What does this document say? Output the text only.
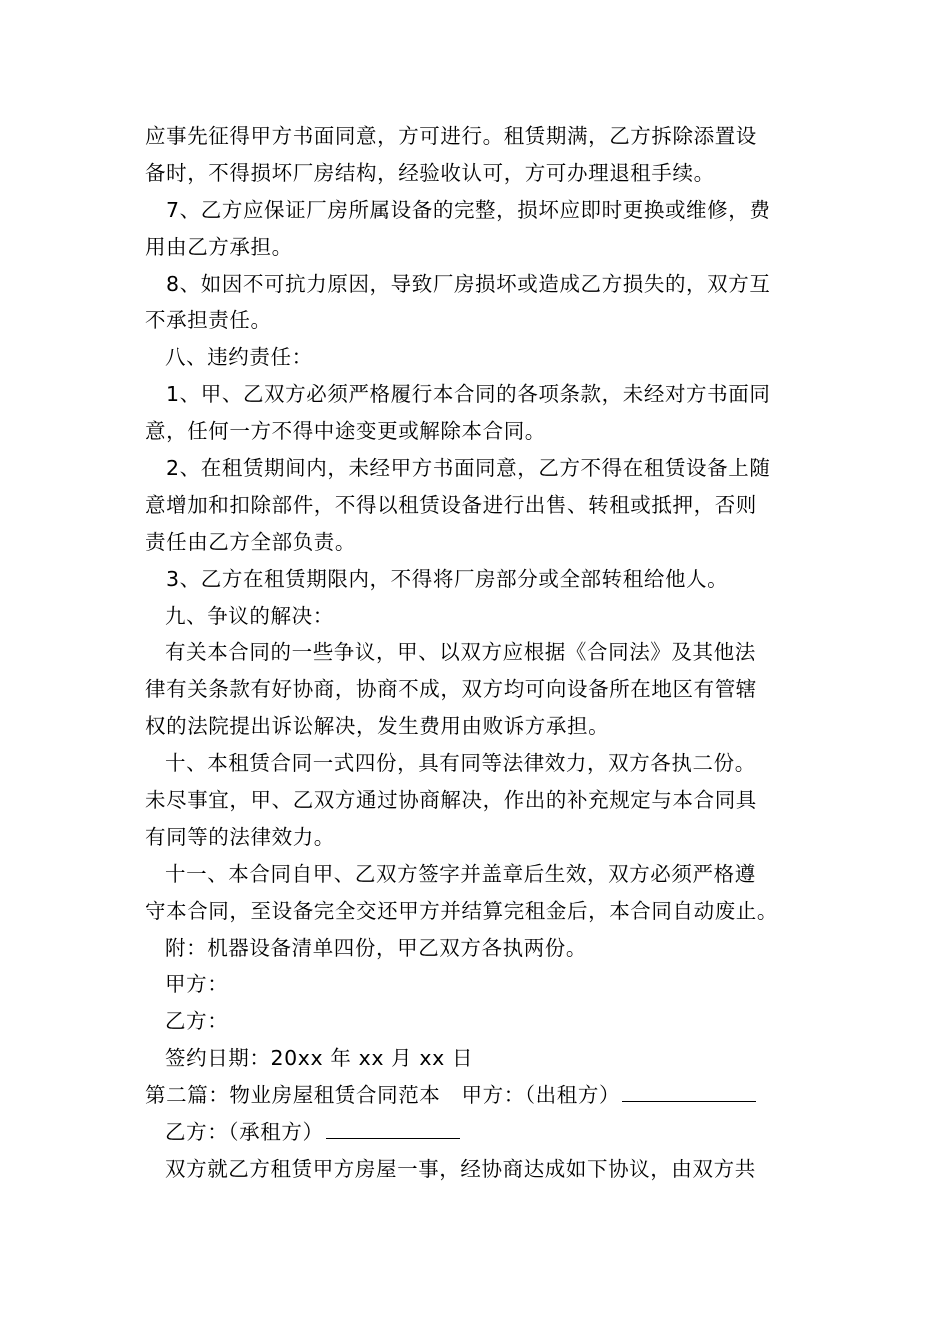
应事先征得甲方书面同意，方可进行。租赁期满，乙方拆除添置设
备时，不得损坏厂房结构，经验收认可，方可办理退租手续。
7、乙方应保证厂房所属设备的完整，损坏应即时更换或维修，费
用由乙方承担。
8、如因不可抗力原因，导致厂房损坏或造成乙方损失的，双方互
不承担责任。
八、违约责任：
1、甲、乙双方必须严格履行本合同的各项条款，未经对方书面同
意，任何一方不得中途变更或解除本合同。
2、在租赁期间内，未经甲方书面同意，乙方不得在租赁设备上随
意增加和扣除部件，不得以租赁设备进行出售、转租或抵押，否则
责任由乙方全部负责。
3、乙方在租赁期限内，不得将厂房部分或全部转租给他人。
九、争议的解决：
有关本合同的一些争议，甲、以双方应根据《合同法》及其他法
律有关条款有好协商，协商不成，双方均可向设备所在地区有管辖
权的法院提出诉讼解决，发生费用由败诉方承担。
十、本租赁合同一式四份，具有同等法律效力，双方各执二份。
未尽事宜，甲、乙双方通过协商解决，作出的补充规定与本合同具
有同等的法律效力。
十一、本合同自甲、乙双方签字并盖章后生效，双方必须严格遵
守本合同，至设备完全交还甲方并结算完租金后，本合同自动废止。
附：机器设备清单四份，甲乙双方各执两份。
甲方：
乙方：
签约日期：20xx 年 xx 月 xx 日
第二篇：物业房屋租赁合同范本　甲方：（出租方）
乙方：（承租方）
双方就乙方租赁甲方房屋一事，经协商达成如下协议，由双方共
